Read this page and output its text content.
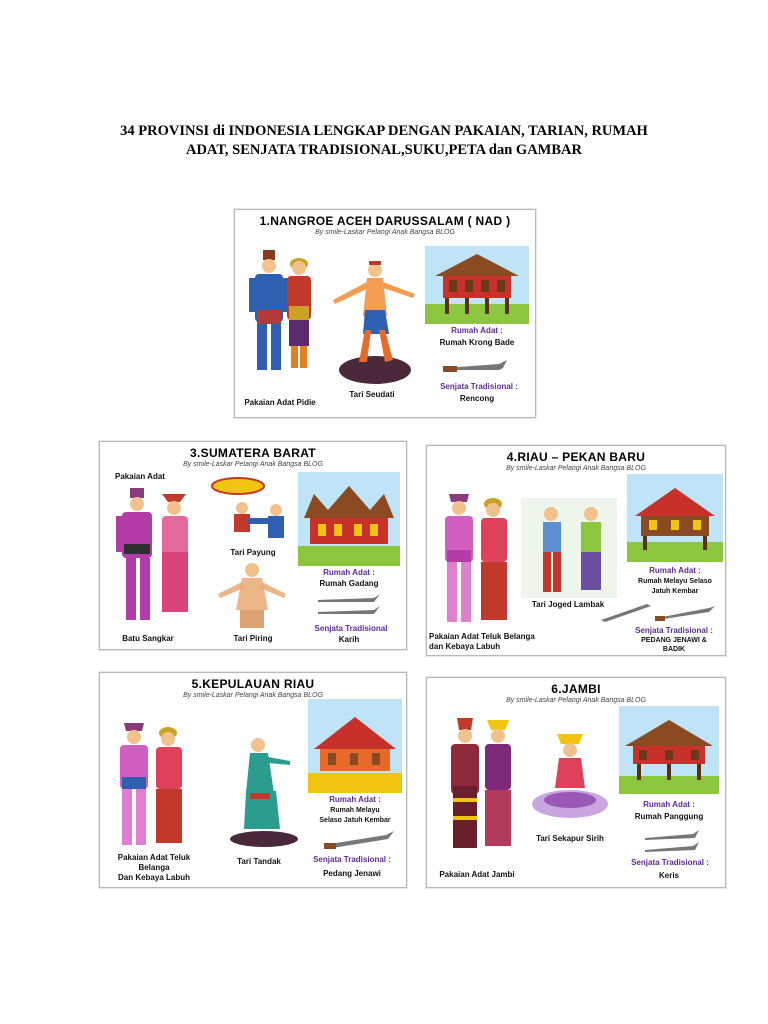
34 PROVINSI di INDONESIA LENGKAP DENGAN PAKAIAN, TARIAN, RUMAH
ADAT, SENJATA TRADISIONAL,SUKU,PETA dan GAMBAR
1.NANGROE ACEH DARUSSALAM ( NAD )
By smile-Laskar Pelangi Anak Bangsa BLOG
Pakaian Adat Pidie
Tari Seudati
Rumah Adat :
Rumah Krong Bade
Senjata Tradisional :
Rencong
3.SUMATERA BARAT
By smile-Laskar Pelangi Anak Bangsa BLOG
Pakaian Adat
Batu Sangkar
Tari Payung
Tari Piring
Rumah Adat :
Rumah Gadang
Senjata Tradisional
Karih
4.RIAU – PEKAN BARU
By smile-Laskar Pelangi Anak Bangsa BLOG
Pakaian Adat Teluk Belanga
dan Kebaya Labuh
Tari Joged Lambak
Rumah Adat :
Rumah Melayu Selaso
Jatuh Kembar
Senjata Tradisional :
PEDANG JENAWI &
BADIK
5.KEPULAUAN RIAU
By smile-Laskar Pelangi Anak Bangsa BLOG
Pakaian Adat Teluk
Belanga
Dan Kebaya Labuh
Tari Tandak
Rumah Adat :
Rumah Melayu
Selaso Jatuh Kembar
Senjata Tradisional :
Pedang Jenawi
6.JAMBI
By smile-Laskar Pelangi Anak Bangsa BLOG
Pakaian Adat Jambi
Tari Sekapur Sirih
Rumah Adat :
Rumah Panggung
Senjata Tradisional :
Keris
